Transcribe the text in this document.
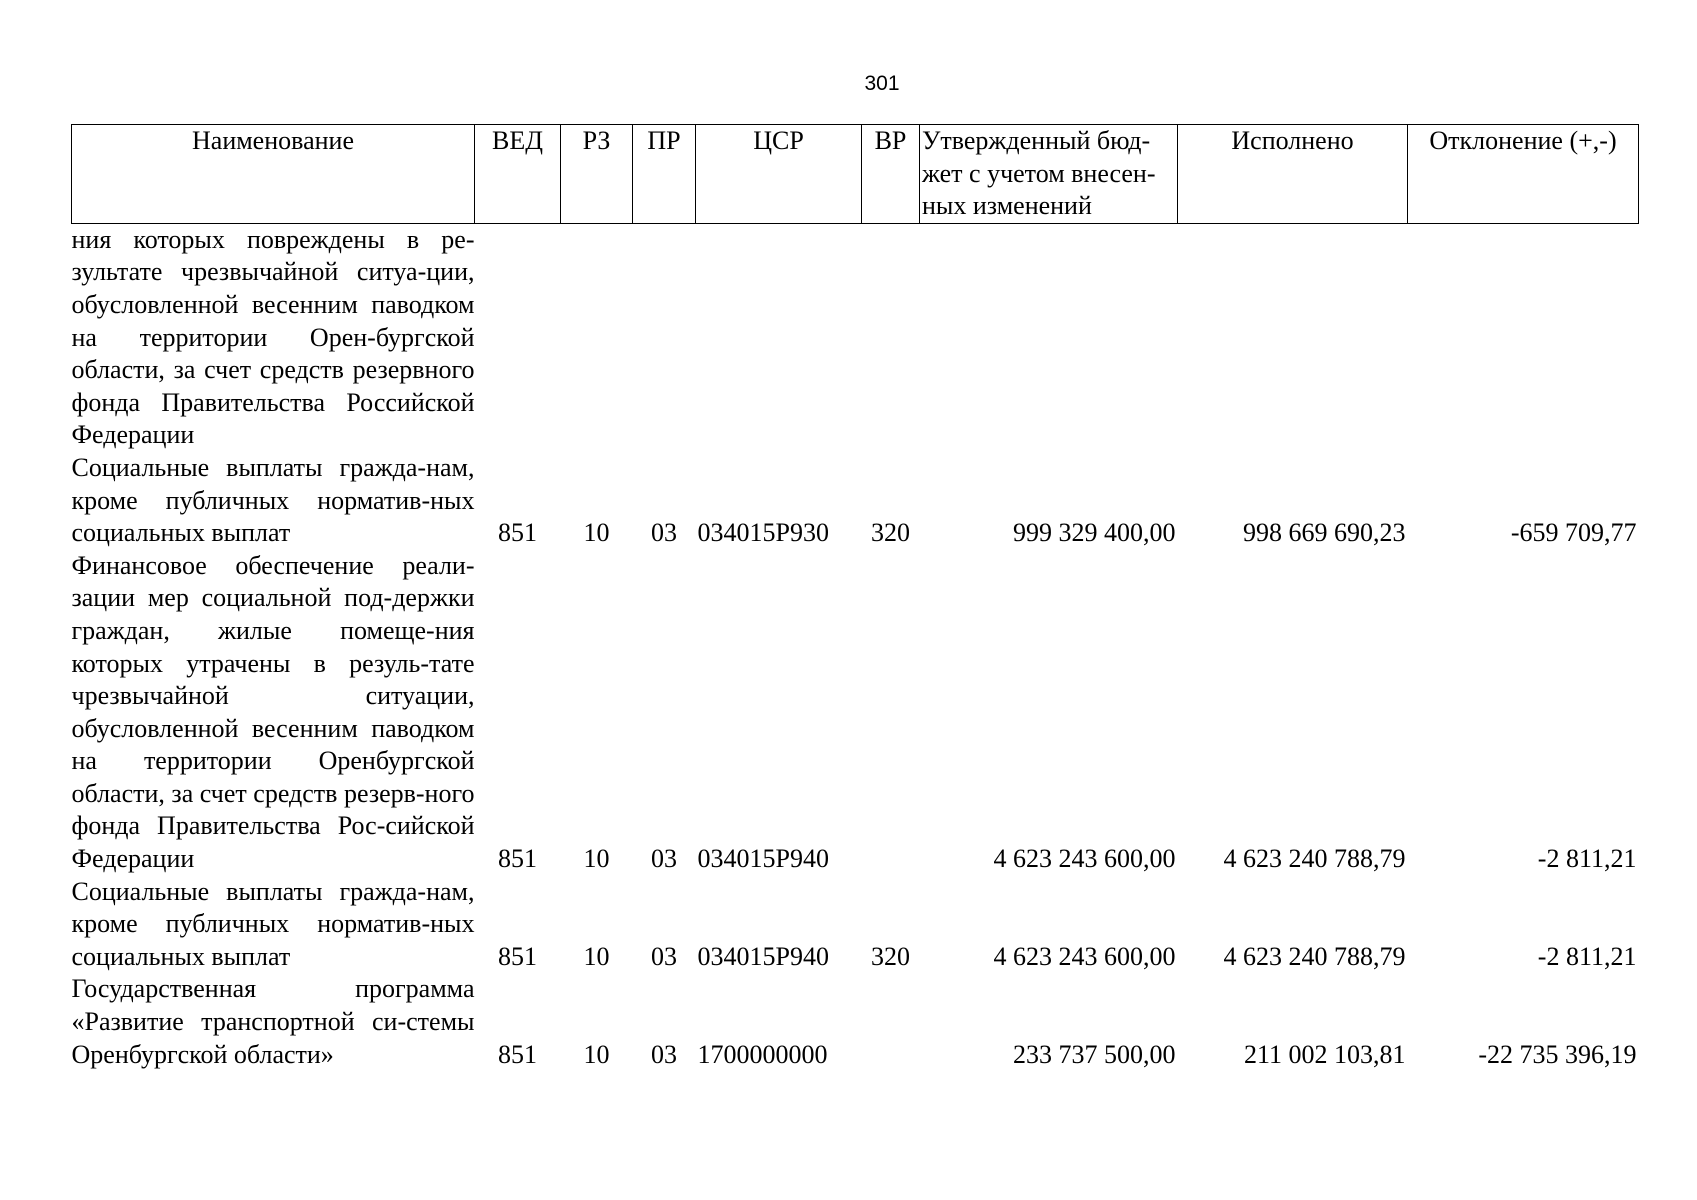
301
Наименование	ВЕД	РЗ	ПР	ЦСР	ВР	Утвержденный бюд-жет с учетом внесен-ных изменений	Исполнено	Отклонение (+,-)
ния которых повреждены в ре-зультате чрезвычайной ситуа-ции, обусловленной весенним паводком на территории Орен-бургской области, за счет средств резервного фонда Правительства Российской Федерации								
Социальные выплаты гражда-нам, кроме публичных норматив-ных социальных выплат	851	10	03	034015Р930	320	999 329 400,00	998 669 690,23	-659 709,77
Финансовое обеспечение реали-зации мер социальной под-держки граждан, жилые помеще-ния которых утрачены в резуль-тате чрезвычайной ситуации, обусловленной весенним паводком на территории Оренбургской области, за счет средств резерв-ного фонда Правительства Рос-сийской Федерации	851	10	03	034015Р940		4 623 243 600,00	4 623 240 788,79	-2 811,21
Социальные выплаты гражда-нам, кроме публичных норматив-ных социальных выплат	851	10	03	034015Р940	320	4 623 243 600,00	4 623 240 788,79	-2 811,21
Государственная программа «Развитие транспортной си-стемы Оренбургской области»	851	10	03	1700000000		233 737 500,00	211 002 103,81	-22 735 396,19
